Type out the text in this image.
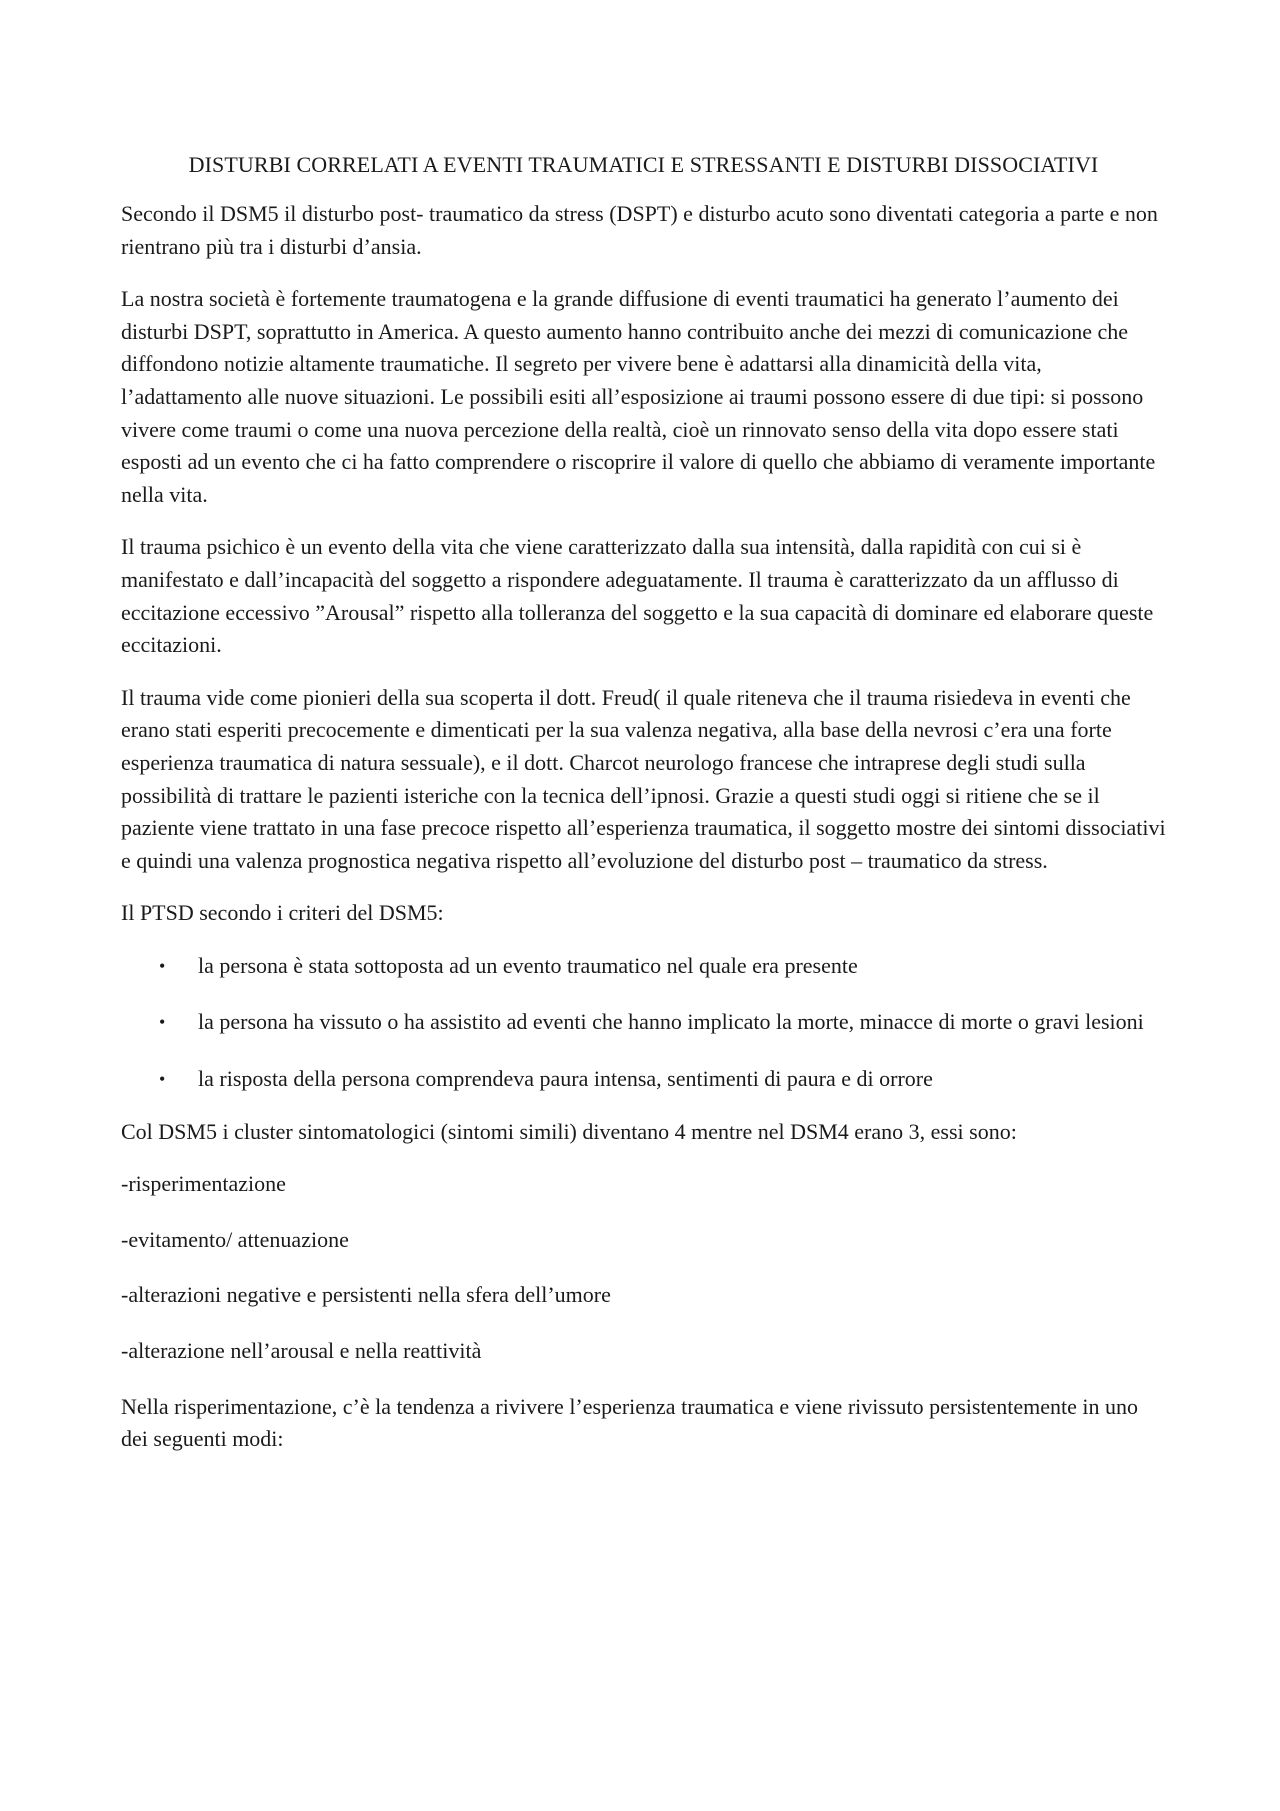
DISTURBI CORRELATI A EVENTI TRAUMATICI E STRESSANTI E DISTURBI DISSOCIATIVI

Secondo il DSM5 il disturbo post- traumatico da stress (DSPT) e disturbo acuto sono diventati categoria a parte e non rientrano più tra i disturbi d’ansia.

La nostra società è fortemente traumatogena e la grande diffusione di eventi traumatici ha generato l’aumento dei disturbi DSPT, soprattutto in America. A questo aumento hanno contribuito anche dei mezzi di comunicazione che diffondono notizie altamente traumatiche. Il segreto per vivere bene è adattarsi alla dinamicità della vita, l’adattamento alle nuove situazioni. Le possibili esiti all’esposizione ai traumi possono essere di due tipi: si possono vivere come traumi o come una nuova percezione della realtà, cioè un rinnovato senso della vita dopo essere stati esposti ad un evento che ci ha fatto comprendere o riscoprire il valore di quello che abbiamo di veramente importante nella vita.

Il trauma psichico è un evento della vita che viene caratterizzato dalla sua intensità, dalla rapidità con cui si è manifestato e dall’incapacità del soggetto a rispondere adeguatamente. Il trauma è caratterizzato da un afflusso di eccitazione eccessivo ”Arousal” rispetto alla tolleranza del soggetto e la sua capacità di dominare ed elaborare queste eccitazioni.

Il trauma vide come pionieri della sua scoperta il dott. Freud( il quale riteneva che il trauma risiedeva in eventi che erano stati esperiti precocemente e dimenticati per la sua valenza negativa, alla base della nevrosi c’era una forte esperienza traumatica di natura sessuale), e il dott. Charcot neurologo francese che intraprese degli studi sulla possibilità di trattare le pazienti isteriche con la tecnica dell’ipnosi. Grazie a questi studi oggi si ritiene che se il paziente viene trattato in una fase precoce rispetto all’esperienza traumatica, il soggetto mostre dei sintomi dissociativi e quindi una valenza prognostica negativa rispetto all’evoluzione del disturbo post – traumatico da stress.

Il PTSD secondo i criteri del DSM5:

• la persona è stata sottoposta ad un evento traumatico nel quale era presente
• la persona ha vissuto o ha assistito ad eventi che hanno implicato la morte, minacce di morte o gravi lesioni
• la risposta della persona comprendeva paura intensa, sentimenti di paura e di orrore

Col DSM5 i cluster sintomatologici (sintomi simili) diventano 4 mentre nel DSM4 erano 3, essi sono:

-risperimentazione

-evitamento/ attenuazione

-alterazioni negative e persistenti nella sfera dell’umore

-alterazione nell’arousal e nella reattività

Nella risperimentazione, c’è la tendenza a rivivere l’esperienza traumatica e viene rivissuto persistentemente in uno dei seguenti modi:
